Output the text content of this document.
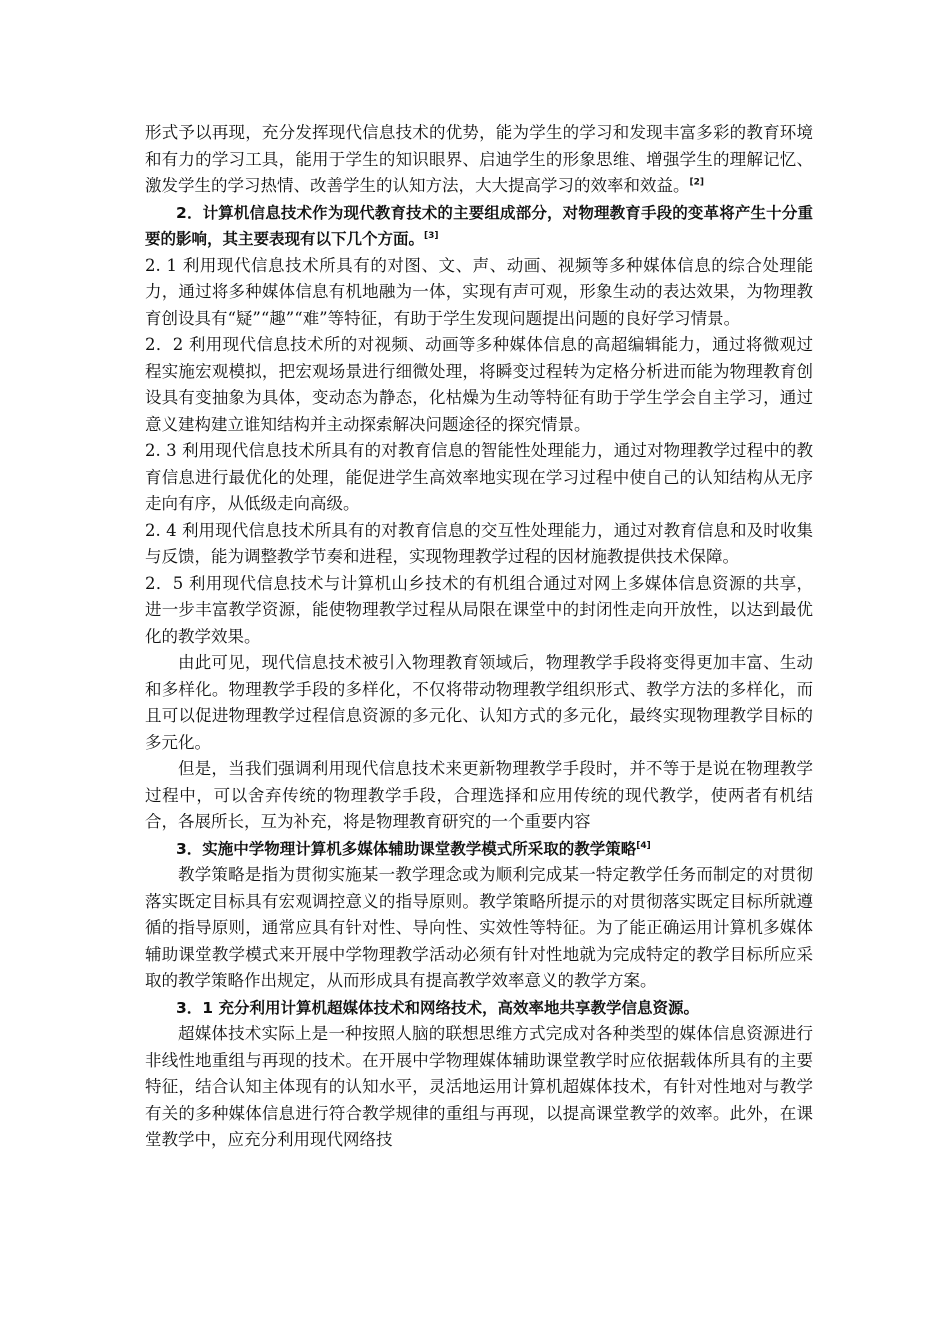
形式予以再现，充分发挥现代信息技术的优势，能为学生的学习和发现丰富多彩的教育环境和有力的学习工具，能用于学生的知识眼界、启迪学生的形象思维、增强学生的理解记忆、激发学生的学习热情、改善学生的认知方法，大大提高学习的效率和效益。[2]

2．计算机信息技术作为现代教育技术的主要组成部分，对物理教育手段的变革将产生十分重要的影响，其主要表现有以下几个方面。[3]

2. 1 利用现代信息技术所具有的对图、文、声、动画、视频等多种媒体信息的综合处理能力，通过将多种媒体信息有机地融为一体，实现有声可观，形象生动的表达效果，为物理教育创设具有“疑”“趣”“难”等特征，有助于学生发现问题提出问题的良好学习情景。

2．2 利用现代信息技术所的对视频、动画等多种媒体信息的高超编辑能力，通过将微观过程实施宏观模拟，把宏观场景进行细微处理，将瞬变过程转为定格分析进而能为物理教育创设具有变抽象为具体，变动态为静态，化枯燥为生动等特征有助于学生学会自主学习，通过意义建构建立谁知结构并主动探索解决问题途径的探究情景。

2. 3 利用现代信息技术所具有的对教育信息的智能性处理能力，通过对物理教学过程中的教育信息进行最优化的处理，能促进学生高效率地实现在学习过程中使自己的认知结构从无序走向有序，从低级走向高级。

2. 4 利用现代信息技术所具有的对教育信息的交互性处理能力，通过对教育信息和及时收集与反馈，能为调整教学节奏和进程，实现物理教学过程的因材施教提供技术保障。

2．5 利用现代信息技术与计算机山乡技术的有机组合通过对网上多媒体信息资源的共享，进一步丰富教学资源，能使物理教学过程从局限在课堂中的封闭性走向开放性，以达到最优化的教学效果。

由此可见，现代信息技术被引入物理教育领域后，物理教学手段将变得更加丰富、生动和多样化。物理教学手段的多样化，不仅将带动物理教学组织形式、教学方法的多样化，而且可以促进物理教学过程信息资源的多元化、认知方式的多元化，最终实现物理教学目标的多元化。

但是，当我们强调利用现代信息技术来更新物理教学手段时，并不等于是说在物理教学过程中，可以舍弃传统的物理教学手段，合理选择和应用传统的现代教学，使两者有机结合，各展所长，互为补充，将是物理教育研究的一个重要内容

3．实施中学物理计算机多媒体辅助课堂教学模式所采取的教学策略[4]

教学策略是指为贯彻实施某一教学理念或为顺利完成某一特定教学任务而制定的对贯彻落实既定目标具有宏观调控意义的指导原则。教学策略所提示的对贯彻落实既定目标所就遵循的指导原则，通常应具有针对性、导向性、实效性等特征。为了能正确运用计算机多媒体辅助课堂教学模式来开展中学物理教学活动必须有针对性地就为完成特定的教学目标所应采取的教学策略作出规定，从而形成具有提高教学效率意义的教学方案。

3．1 充分利用计算机超媒体技术和网络技术，高效率地共享教学信息资源。

超媒体技术实际上是一种按照人脑的联想思维方式完成对各种类型的媒体信息资源进行非线性地重组与再现的技术。在开展中学物理媒体辅助课堂教学时应依据载体所具有的主要特征，结合认知主体现有的认知水平，灵活地运用计算机超媒体技术，有针对性地对与教学有关的多种媒体信息进行符合教学规律的重组与再现，以提高课堂教学的效率。此外，在课堂教学中，应充分利用现代网络技
